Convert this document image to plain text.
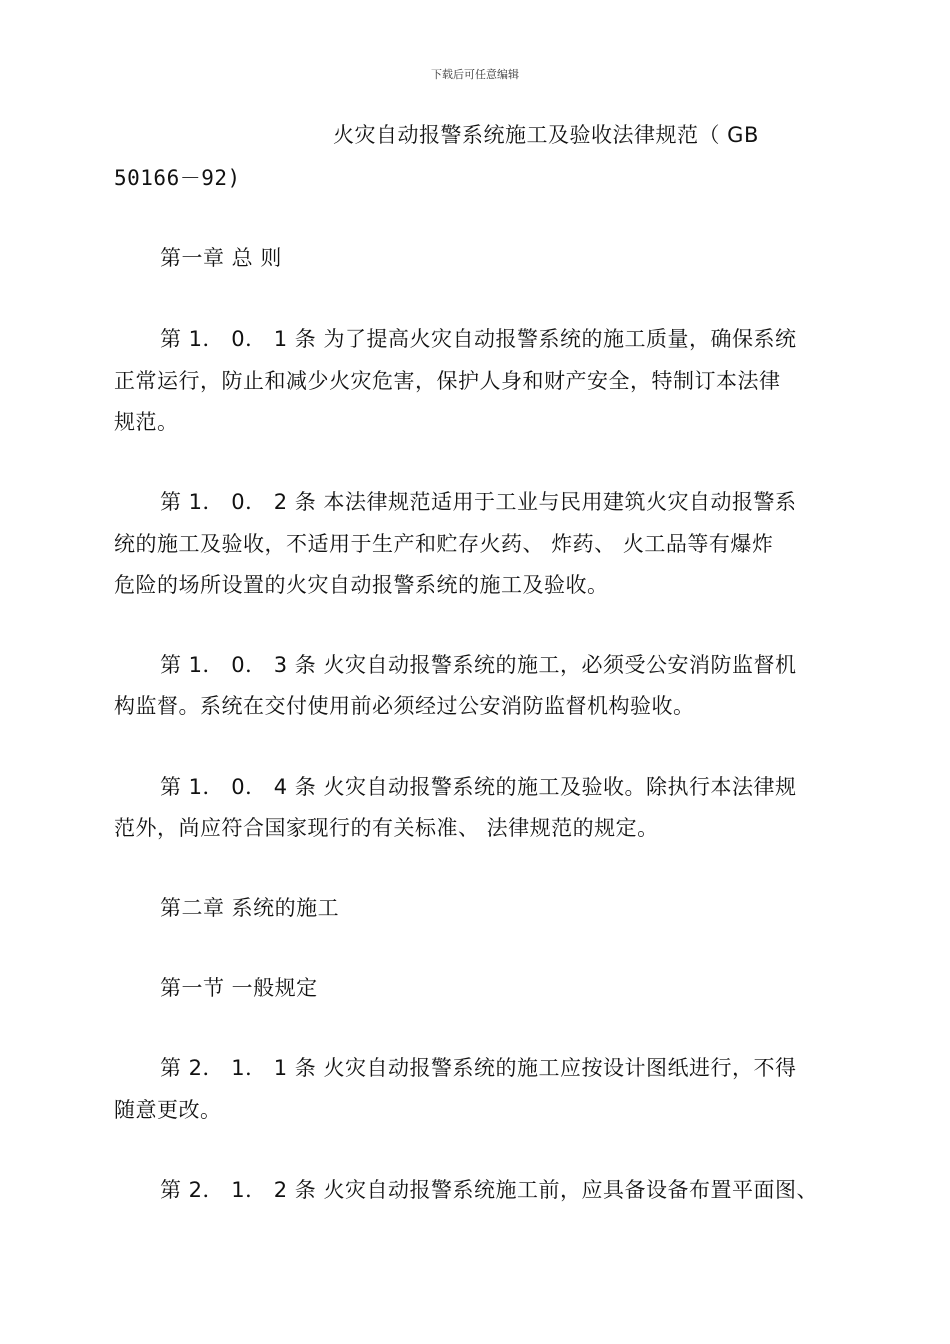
下载后可任意编辑
火灾自动报警系统施工及验收法律规范（ GB
50166－92)
第一章 总 则
第 1． 0． 1 条 为了提高火灾自动报警系统的施工质量，确保系统
正常运行，防止和减少火灾危害，保护人身和财产安全，特制订本法律
规范。
第 1． 0． 2 条 本法律规范适用于工业与民用建筑火灾自动报警系
统的施工及验收，不适用于生产和贮存火药、 炸药、 火工品等有爆炸
危险的场所设置的火灾自动报警系统的施工及验收。
第 1． 0． 3 条 火灾自动报警系统的施工，必须受公安消防监督机
构监督。系统在交付使用前必须经过公安消防监督机构验收。
第 1． 0． 4 条 火灾自动报警系统的施工及验收。除执行本法律规
范外，尚应符合国家现行的有关标准、 法律规范的规定。
第二章 系统的施工
第一节 一般规定
第 2． 1． 1 条 火灾自动报警系统的施工应按设计图纸进行，不得
随意更改。
第 2． 1． 2 条 火灾自动报警系统施工前，应具备设备布置平面图、
